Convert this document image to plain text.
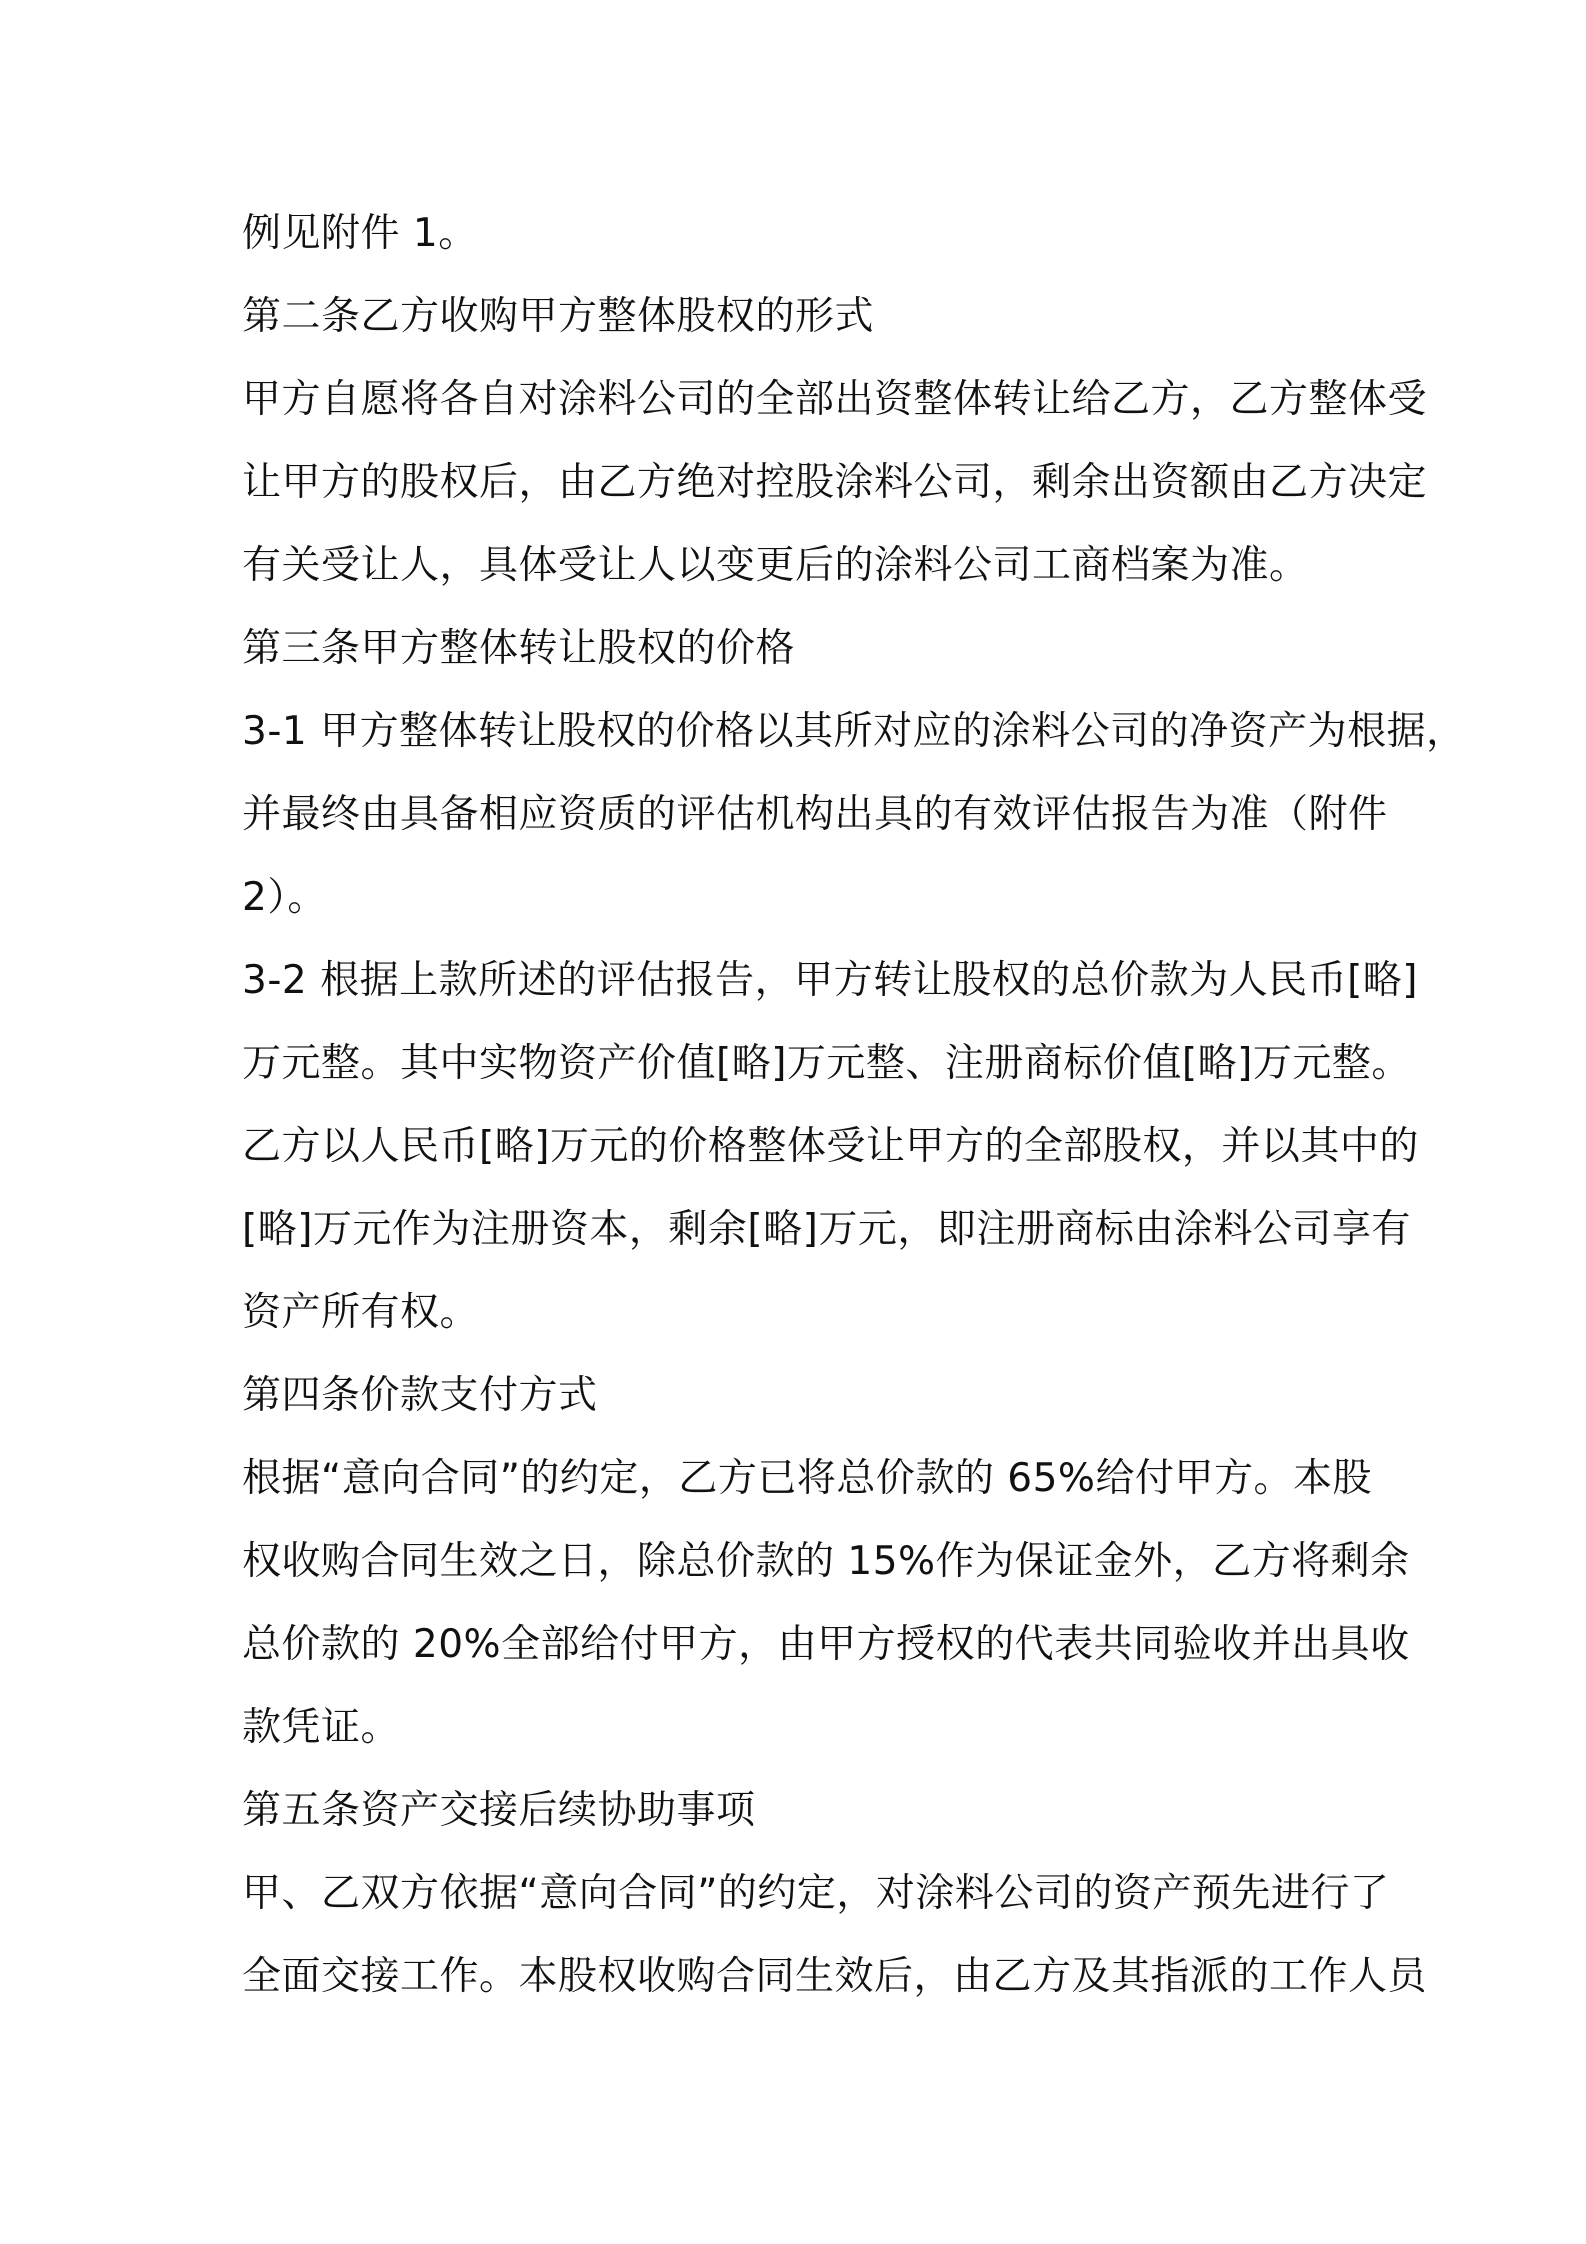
例见附件 1。
第二条乙方收购甲方整体股权的形式
甲方自愿将各自对涂料公司的全部出资整体转让给乙方，乙方整体受
让甲方的股权后，由乙方绝对控股涂料公司，剩余出资额由乙方决定
有关受让人，具体受让人以变更后的涂料公司工商档案为准。
第三条甲方整体转让股权的价格
3-1 甲方整体转让股权的价格以其所对应的涂料公司的净资产为根据，
并最终由具备相应资质的评估机构出具的有效评估报告为准（附件
2）。
3-2 根据上款所述的评估报告，甲方转让股权的总价款为人民币[略]
万元整。其中实物资产价值[略]万元整、注册商标价值[略]万元整。
乙方以人民币[略]万元的价格整体受让甲方的全部股权，并以其中的
[略]万元作为注册资本，剩余[略]万元，即注册商标由涂料公司享有
资产所有权。
第四条价款支付方式
根据“意向合同”的约定，乙方已将总价款的 65%给付甲方。本股
权收购合同生效之日，除总价款的 15%作为保证金外，乙方将剩余
总价款的 20%全部给付甲方，由甲方授权的代表共同验收并出具收
款凭证。
第五条资产交接后续协助事项
甲、乙双方依据“意向合同”的约定，对涂料公司的资产预先进行了
全面交接工作。本股权收购合同生效后，由乙方及其指派的工作人员
